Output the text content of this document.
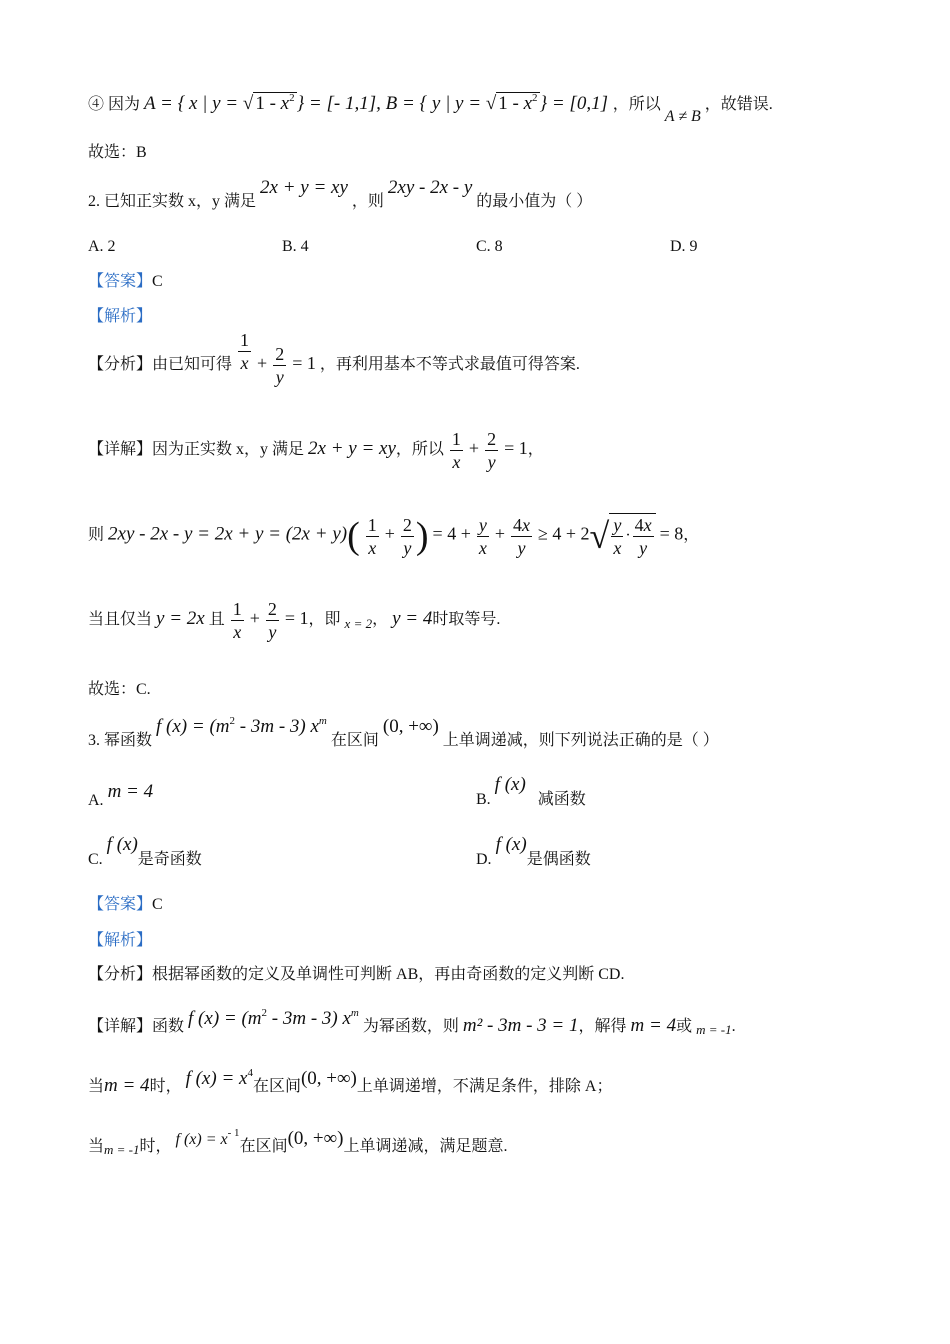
④ 因为 A = { x | y = √ $1 - x^2$ } = [- 1,1], B = { y | y = √ $1 - x^2$ } = [0,1] ，所以 A ≠ B ，故错误.
故选：B
2. 已知正实数 x，y 满足 2x + y = xy ，则 2xy - 2x - y 的最小值为（ ）
A. 2	B. 4	C. 8	D. 9
【答案】C
【解析】
【分析】由已知可得 $\frac{1}{x} + \frac{2}{y} = 1$ ，再利用基本不等式求最值可得答案.
【详解】因为正实数 x，y 满足 2x + y = xy，所以 $\frac{1}{x} + \frac{2}{y} = 1$，
则 $2xy - 2x - y = 2x + y = (2x + y)( \frac{1}{x} + \frac{2}{y}$ ) = $4 + \frac{y}{x} + \frac{4x}{y} \ge 4 + 2√ \frac{y}{x} \cdot \frac{4x}{y} = 8$，
当且仅当 y = 2x 且 $\frac{1}{x} + \frac{2}{y} = 1$，即 $_{x = 2}$， y = 4时取等号.
故选：C.
3. 幂函数 f $(x) = (m^2 - 3m - 3)$ $x^m$ 在区间 (0, +∞) 上单调递减，则下列说法正确的是（ ）
A. m = 4	B. f (x)   减函数
C. f (x)是奇函数	D. f (x)是偶函数
【答案】C
【解析】
【分析】根据幂函数的定义及单调性可判断 AB，再由奇函数的定义判断 CD.
【详解】函数 f $(x) = (m^2 - 3m - 3)$ $x^m$ 为幂函数，则 m² - 3m - 3 = 1，解得 m = 4或 $_{m = -1}$.
当m = 4时， f $(x) = x^4$在区间(0, +∞)上单调递增，不满足条件，排除 A；
当$_{m = -1}$时， f $(x) = x^{- 1}$在区间(0, +∞)上单调递减，满足题意.
